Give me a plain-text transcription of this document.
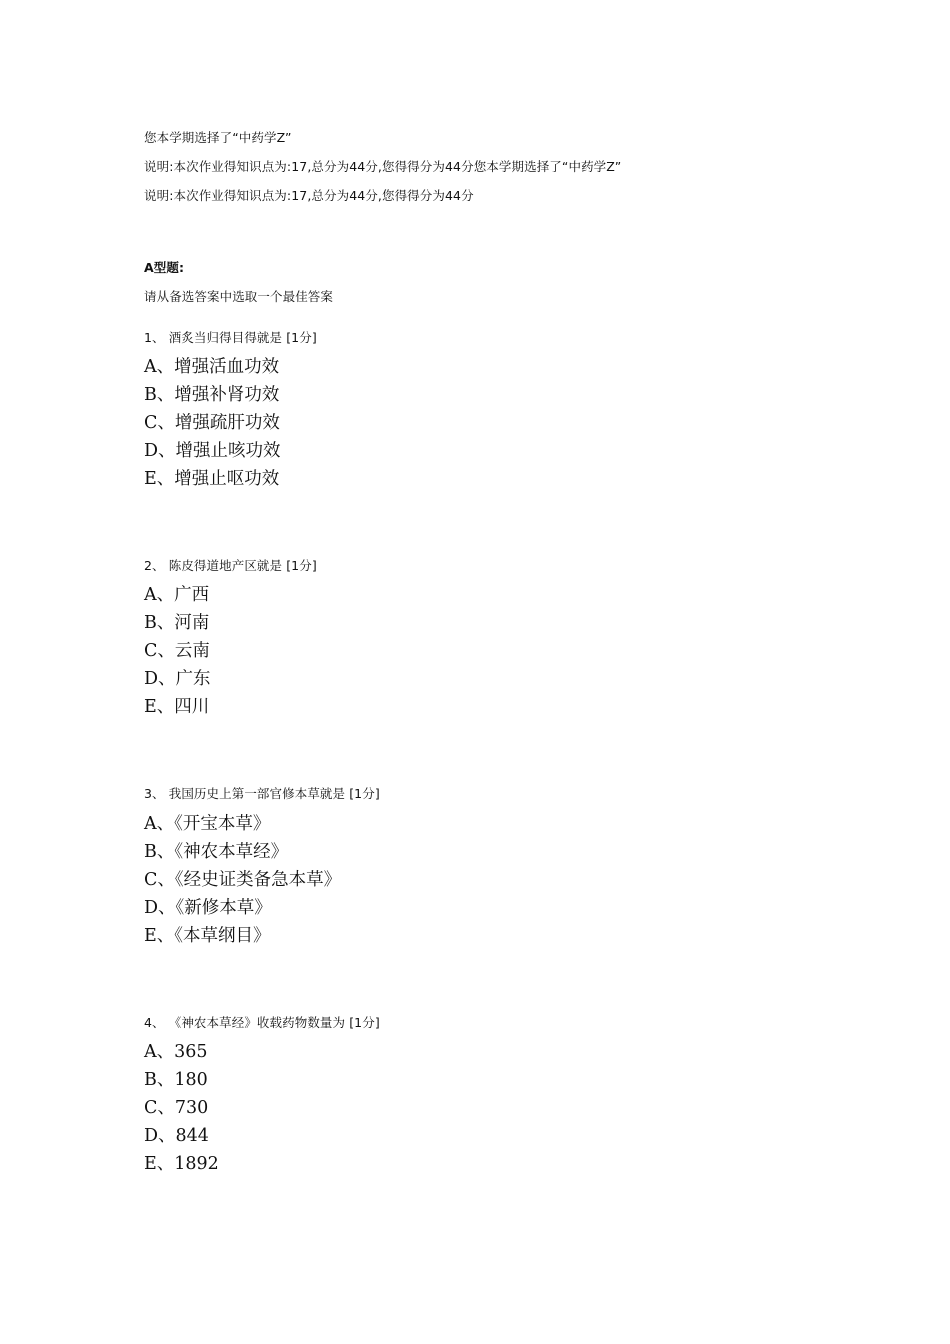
您本学期选择了“中药学Z”
说明:本次作业得知识点为:17,总分为44分,您得得分为44分您本学期选择了“中药学Z”
说明:本次作业得知识点为:17,总分为44分,您得得分为44分
A型题:
请从备选答案中选取一个最佳答案
1、 酒炙当归得目得就是 [1分]
A、增强活血功效
B、增强补肾功效
C、增强疏肝功效
D、增强止咳功效
E、增强止呕功效
2、 陈皮得道地产区就是 [1分]
A、广西
B、河南
C、云南
D、广东
E、四川
3、 我国历史上第一部官修本草就是 [1分]
A、《开宝本草》
B、《神农本草经》
C、《经史证类备急本草》
D、《新修本草》
E、《本草纲目》
4、 《神农本草经》收载药物数量为 [1分]
A、365
B、180
C、730
D、844
E、1892
